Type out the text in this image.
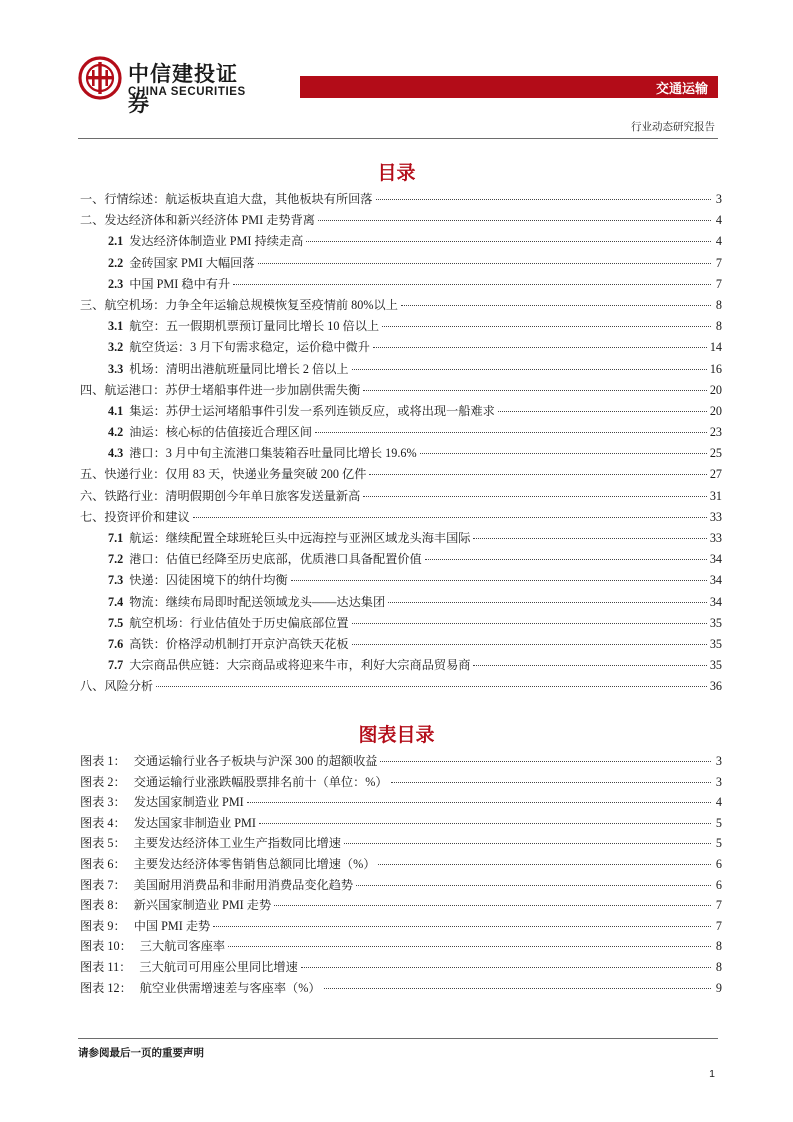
中信建投证券
CHINA SECURITIES	交通运输
行业动态研究报告
目录
一、 行情综述：航运板块直追大盘，其他板块有所回落	3
二、 发达经济体和新兴经济体 PMI 走势背离	4
2.1 发达经济体制造业 PMI 持续走高	4
2.2 金砖国家 PMI 大幅回落	7
2.3 中国 PMI 稳中有升	7
三、 航空机场：力争全年运输总规模恢复至疫情前 80%以上	8
3.1 航空：五一假期机票预订量同比增长 10 倍以上	8
3.2 航空货运：3 月下旬需求稳定，运价稳中微升	14
3.3 机场：清明出港航班量同比增长 2 倍以上	16
四、 航运港口：苏伊士堵船事件进一步加剧供需失衡	20
4.1 集运：苏伊士运河堵船事件引发一系列连锁反应，或将出现一船难求	20
4.2 油运：核心标的估值接近合理区间	23
4.3 港口：3 月中旬主流港口集装箱吞吐量同比增长 19.6%	25
五、 快递行业：仅用 83 天，快递业务量突破 200 亿件	27
六、 铁路行业：清明假期创今年单日旅客发送量新高	31
七、 投资评价和建议	33
7.1 航运：继续配置全球班轮巨头中远海控与亚洲区域龙头海丰国际	33
7.2 港口：估值已经降至历史底部，优质港口具备配置价值	34
7.3 快递：囚徒困境下的纳什均衡	34
7.4 物流：继续布局即时配送领域龙头——达达集团	34
7.5 航空机场：行业估值处于历史偏底部位置	35
7.6 高铁：价格浮动机制打开京沪高铁天花板	35
7.7 大宗商品供应链：大宗商品或将迎来牛市，利好大宗商品贸易商	35
八、 风险分析	36
图表目录
图表 1： 交通运输行业各子板块与沪深 300 的超额收益	3
图表 2： 交通运输行业涨跌幅股票排名前十（单位：%）	3
图表 3： 发达国家制造业 PMI	4
图表 4： 发达国家非制造业 PMI	5
图表 5： 主要发达经济体工业生产指数同比增速	5
图表 6： 主要发达经济体零售销售总额同比增速（%）	6
图表 7： 美国耐用消费品和非耐用消费品变化趋势	6
图表 8： 新兴国家制造业 PMI 走势	7
图表 9： 中国 PMI 走势	7
图表 10： 三大航司客座率	8
图表 11： 三大航司可用座公里同比增速	8
图表 12： 航空业供需增速差与客座率（%）	9
请参阅最后一页的重要声明
1
